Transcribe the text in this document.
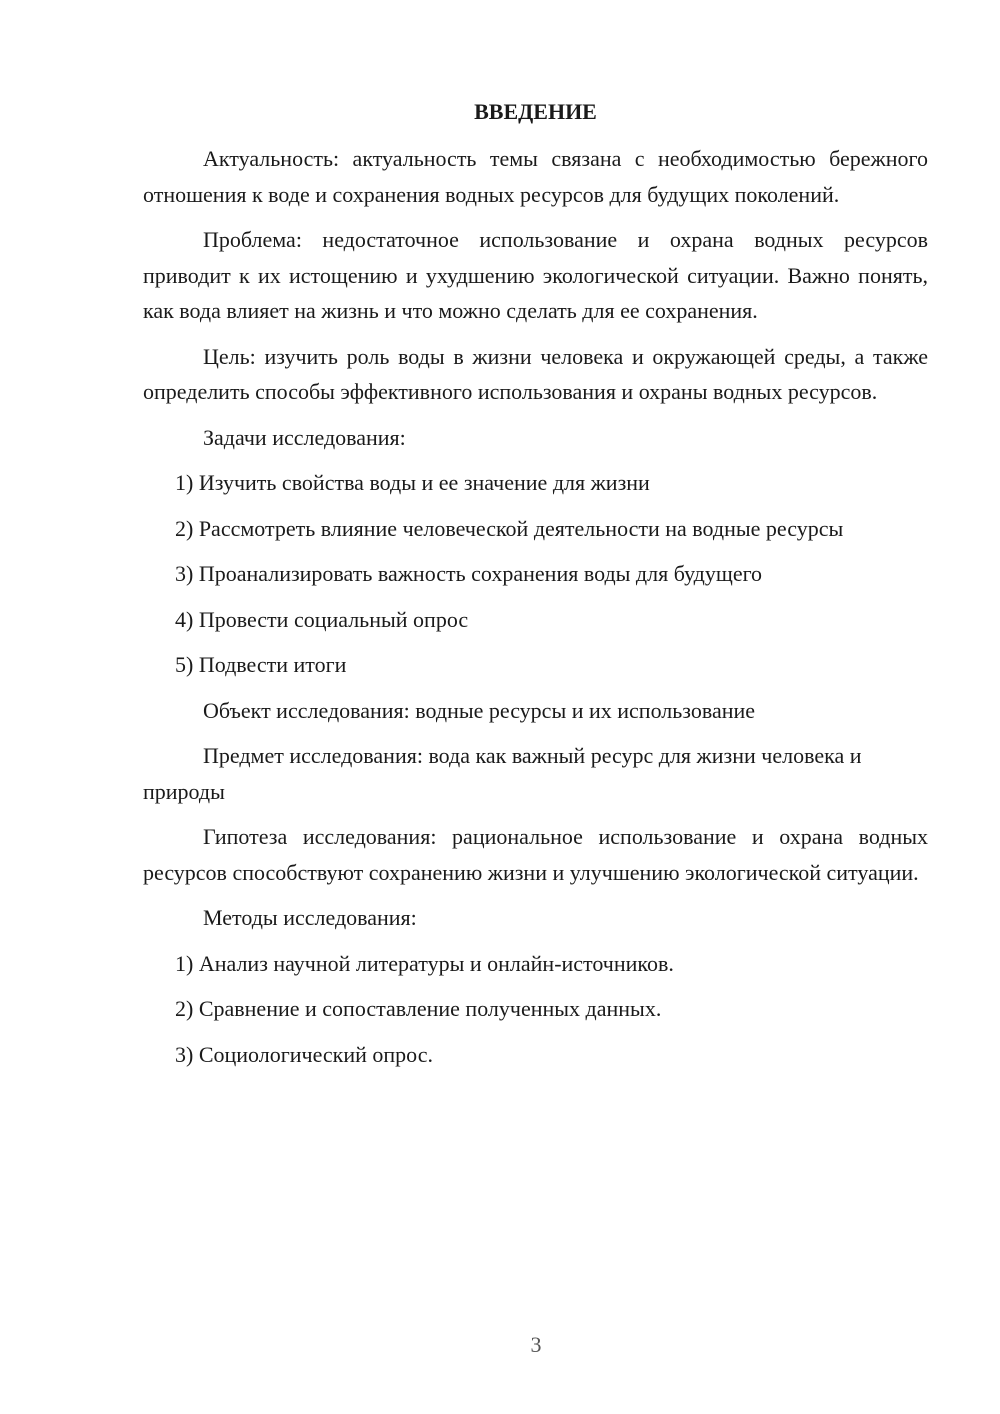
ВВЕДЕНИЕ
Актуальность: актуальность темы связана с необходимостью бережного отношения к воде и сохранения водных ресурсов для будущих поколений.
Проблема: недостаточное использование и охрана водных ресурсов приводит к их истощению и ухудшению экологической ситуации. Важно понять, как вода влияет на жизнь и что можно сделать для ее сохранения.
Цель: изучить роль воды в жизни человека и окружающей среды, а также определить способы эффективного использования и охраны водных ресурсов.
Задачи исследования:
1) Изучить свойства воды и ее значение для жизни
2) Рассмотреть влияние человеческой деятельности на водные ресурсы
3) Проанализировать важность сохранения воды для будущего
4) Провести социальный опрос
5) Подвести итоги
Объект исследования: водные ресурсы и их использование
Предмет исследования: вода как важный ресурс для жизни человека и природы
Гипотеза исследования: рациональное использование и охрана водных ресурсов способствуют сохранению жизни и улучшению экологической ситуации.
Методы исследования:
1) Анализ научной литературы и онлайн-источников.
2) Сравнение и сопоставление полученных данных.
3) Социологический опрос.
3
